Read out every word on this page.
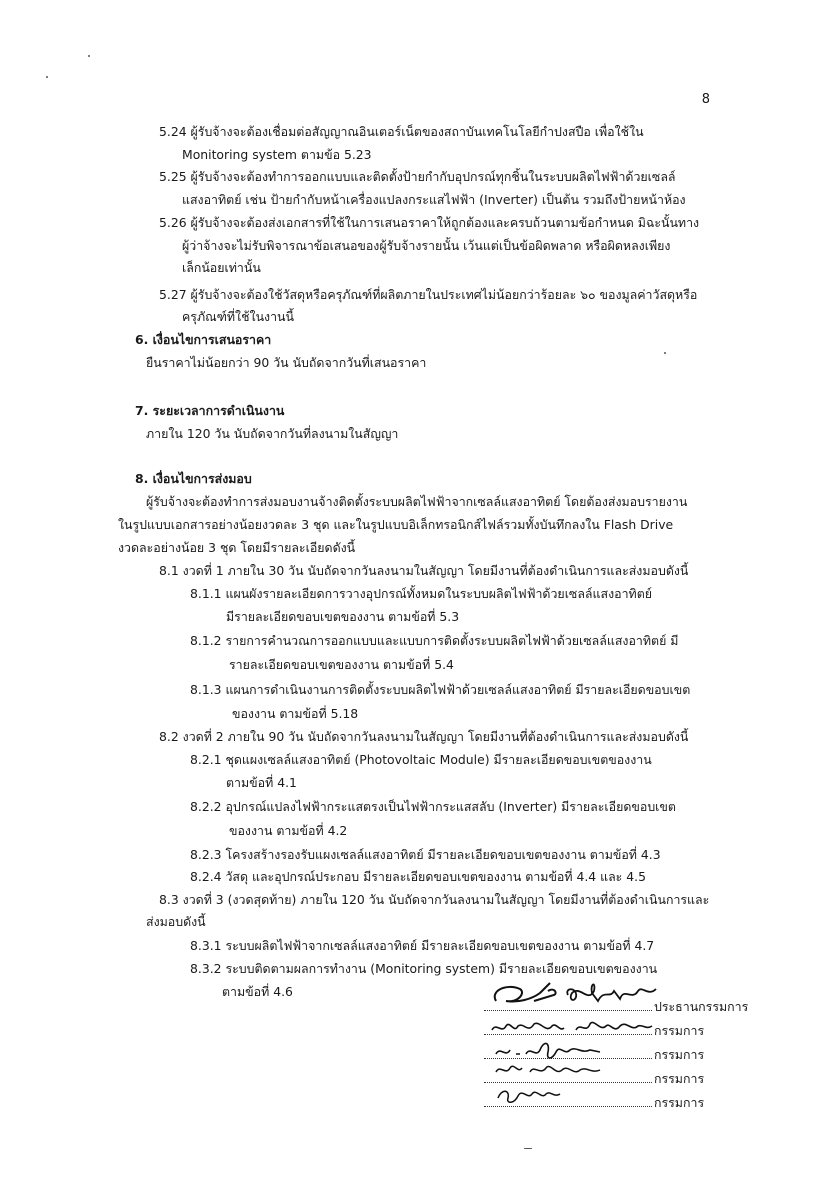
8
5.24 ผู้รับจ้างจะต้องเชื่อมต่อสัญญาณอินเตอร์เน็ตของสถาบันเทคโนโลยีกำปงสปือ เพื่อใช้ใน
Monitoring system ตามข้อ 5.23
5.25 ผู้รับจ้างจะต้องทำการออกแบบและติดตั้งป้ายกำกับอุปกรณ์ทุกชิ้นในระบบผลิตไฟฟ้าด้วยเซลล์
แสงอาทิตย์ เช่น ป้ายกำกับหน้าเครื่องแปลงกระแสไฟฟ้า (Inverter) เป็นต้น รวมถึงป้ายหน้าห้อง
5.26 ผู้รับจ้างจะต้องส่งเอกสารที่ใช้ในการเสนอราคาให้ถูกต้องและครบถ้วนตามข้อกำหนด มิฉะนั้นทาง
ผู้ว่าจ้างจะไม่รับพิจารณาข้อเสนอของผู้รับจ้างรายนั้น เว้นแต่เป็นข้อผิดพลาด หรือผิดหลงเพียง
เล็กน้อยเท่านั้น
5.27 ผู้รับจ้างจะต้องใช้วัสดุหรือครุภัณฑ์ที่ผลิตภายในประเทศไม่น้อยกว่าร้อยละ ๖๐ ของมูลค่าวัสดุหรือ
ครุภัณฑ์ที่ใช้ในงานนี้
6. เงื่อนไขการเสนอราคา
ยืนราคาไม่น้อยกว่า 90 วัน นับถัดจากวันที่เสนอราคา
7. ระยะเวลาการดำเนินงาน
ภายใน 120 วัน นับถัดจากวันที่ลงนามในสัญญา
8. เงื่อนไขการส่งมอบ
ผู้รับจ้างจะต้องทำการส่งมอบงานจ้างติดตั้งระบบผลิตไฟฟ้าจากเซลล์แสงอาทิตย์ โดยต้องส่งมอบรายงาน
ในรูปแบบเอกสารอย่างน้อยงวดละ 3 ชุด และในรูปแบบอิเล็กทรอนิกส์ไฟล์รวมทั้งบันทึกลงใน Flash Drive
งวดละอย่างน้อย 3 ชุด โดยมีรายละเอียดดังนี้
8.1 งวดที่ 1 ภายใน 30 วัน นับถัดจากวันลงนามในสัญญา โดยมีงานที่ต้องดำเนินการและส่งมอบดังนี้
8.1.1 แผนผังรายละเอียดการวางอุปกรณ์ทั้งหมดในระบบผลิตไฟฟ้าด้วยเซลล์แสงอาทิตย์
มีรายละเอียดขอบเขตของงาน ตามข้อที่ 5.3
8.1.2 รายการคำนวณการออกแบบและแบบการติดตั้งระบบผลิตไฟฟ้าด้วยเซลล์แสงอาทิตย์ มี
รายละเอียดขอบเขตของงาน ตามข้อที่ 5.4
8.1.3 แผนการดำเนินงานการติดตั้งระบบผลิตไฟฟ้าด้วยเซลล์แสงอาทิตย์ มีรายละเอียดขอบเขต
ของงาน ตามข้อที่ 5.18
8.2 งวดที่ 2 ภายใน 90 วัน นับถัดจากวันลงนามในสัญญา โดยมีงานที่ต้องดำเนินการและส่งมอบดังนี้
8.2.1 ชุดแผงเซลล์แสงอาทิตย์ (Photovoltaic Module) มีรายละเอียดขอบเขตของงาน
ตามข้อที่ 4.1
8.2.2 อุปกรณ์แปลงไฟฟ้ากระแสตรงเป็นไฟฟ้ากระแสสลับ (Inverter) มีรายละเอียดขอบเขต
ของงาน ตามข้อที่ 4.2
8.2.3 โครงสร้างรองรับแผงเซลล์แสงอาทิตย์ มีรายละเอียดขอบเขตของงาน ตามข้อที่ 4.3
8.2.4 วัสดุ และอุปกรณ์ประกอบ มีรายละเอียดขอบเขตของงาน ตามข้อที่ 4.4 และ 4.5
8.3 งวดที่ 3 (งวดสุดท้าย) ภายใน 120 วัน นับถัดจากวันลงนามในสัญญา โดยมีงานที่ต้องดำเนินการและ
ส่งมอบดังนี้
8.3.1 ระบบผลิตไฟฟ้าจากเซลล์แสงอาทิตย์ มีรายละเอียดขอบเขตของงาน ตามข้อที่ 4.7
8.3.2 ระบบติดตามผลการทำงาน (Monitoring system) มีรายละเอียดขอบเขตของงาน
ตามข้อที่ 4.6
ประธานกรรมการ
กรรมการ
กรรมการ
กรรมการ
กรรมการ
